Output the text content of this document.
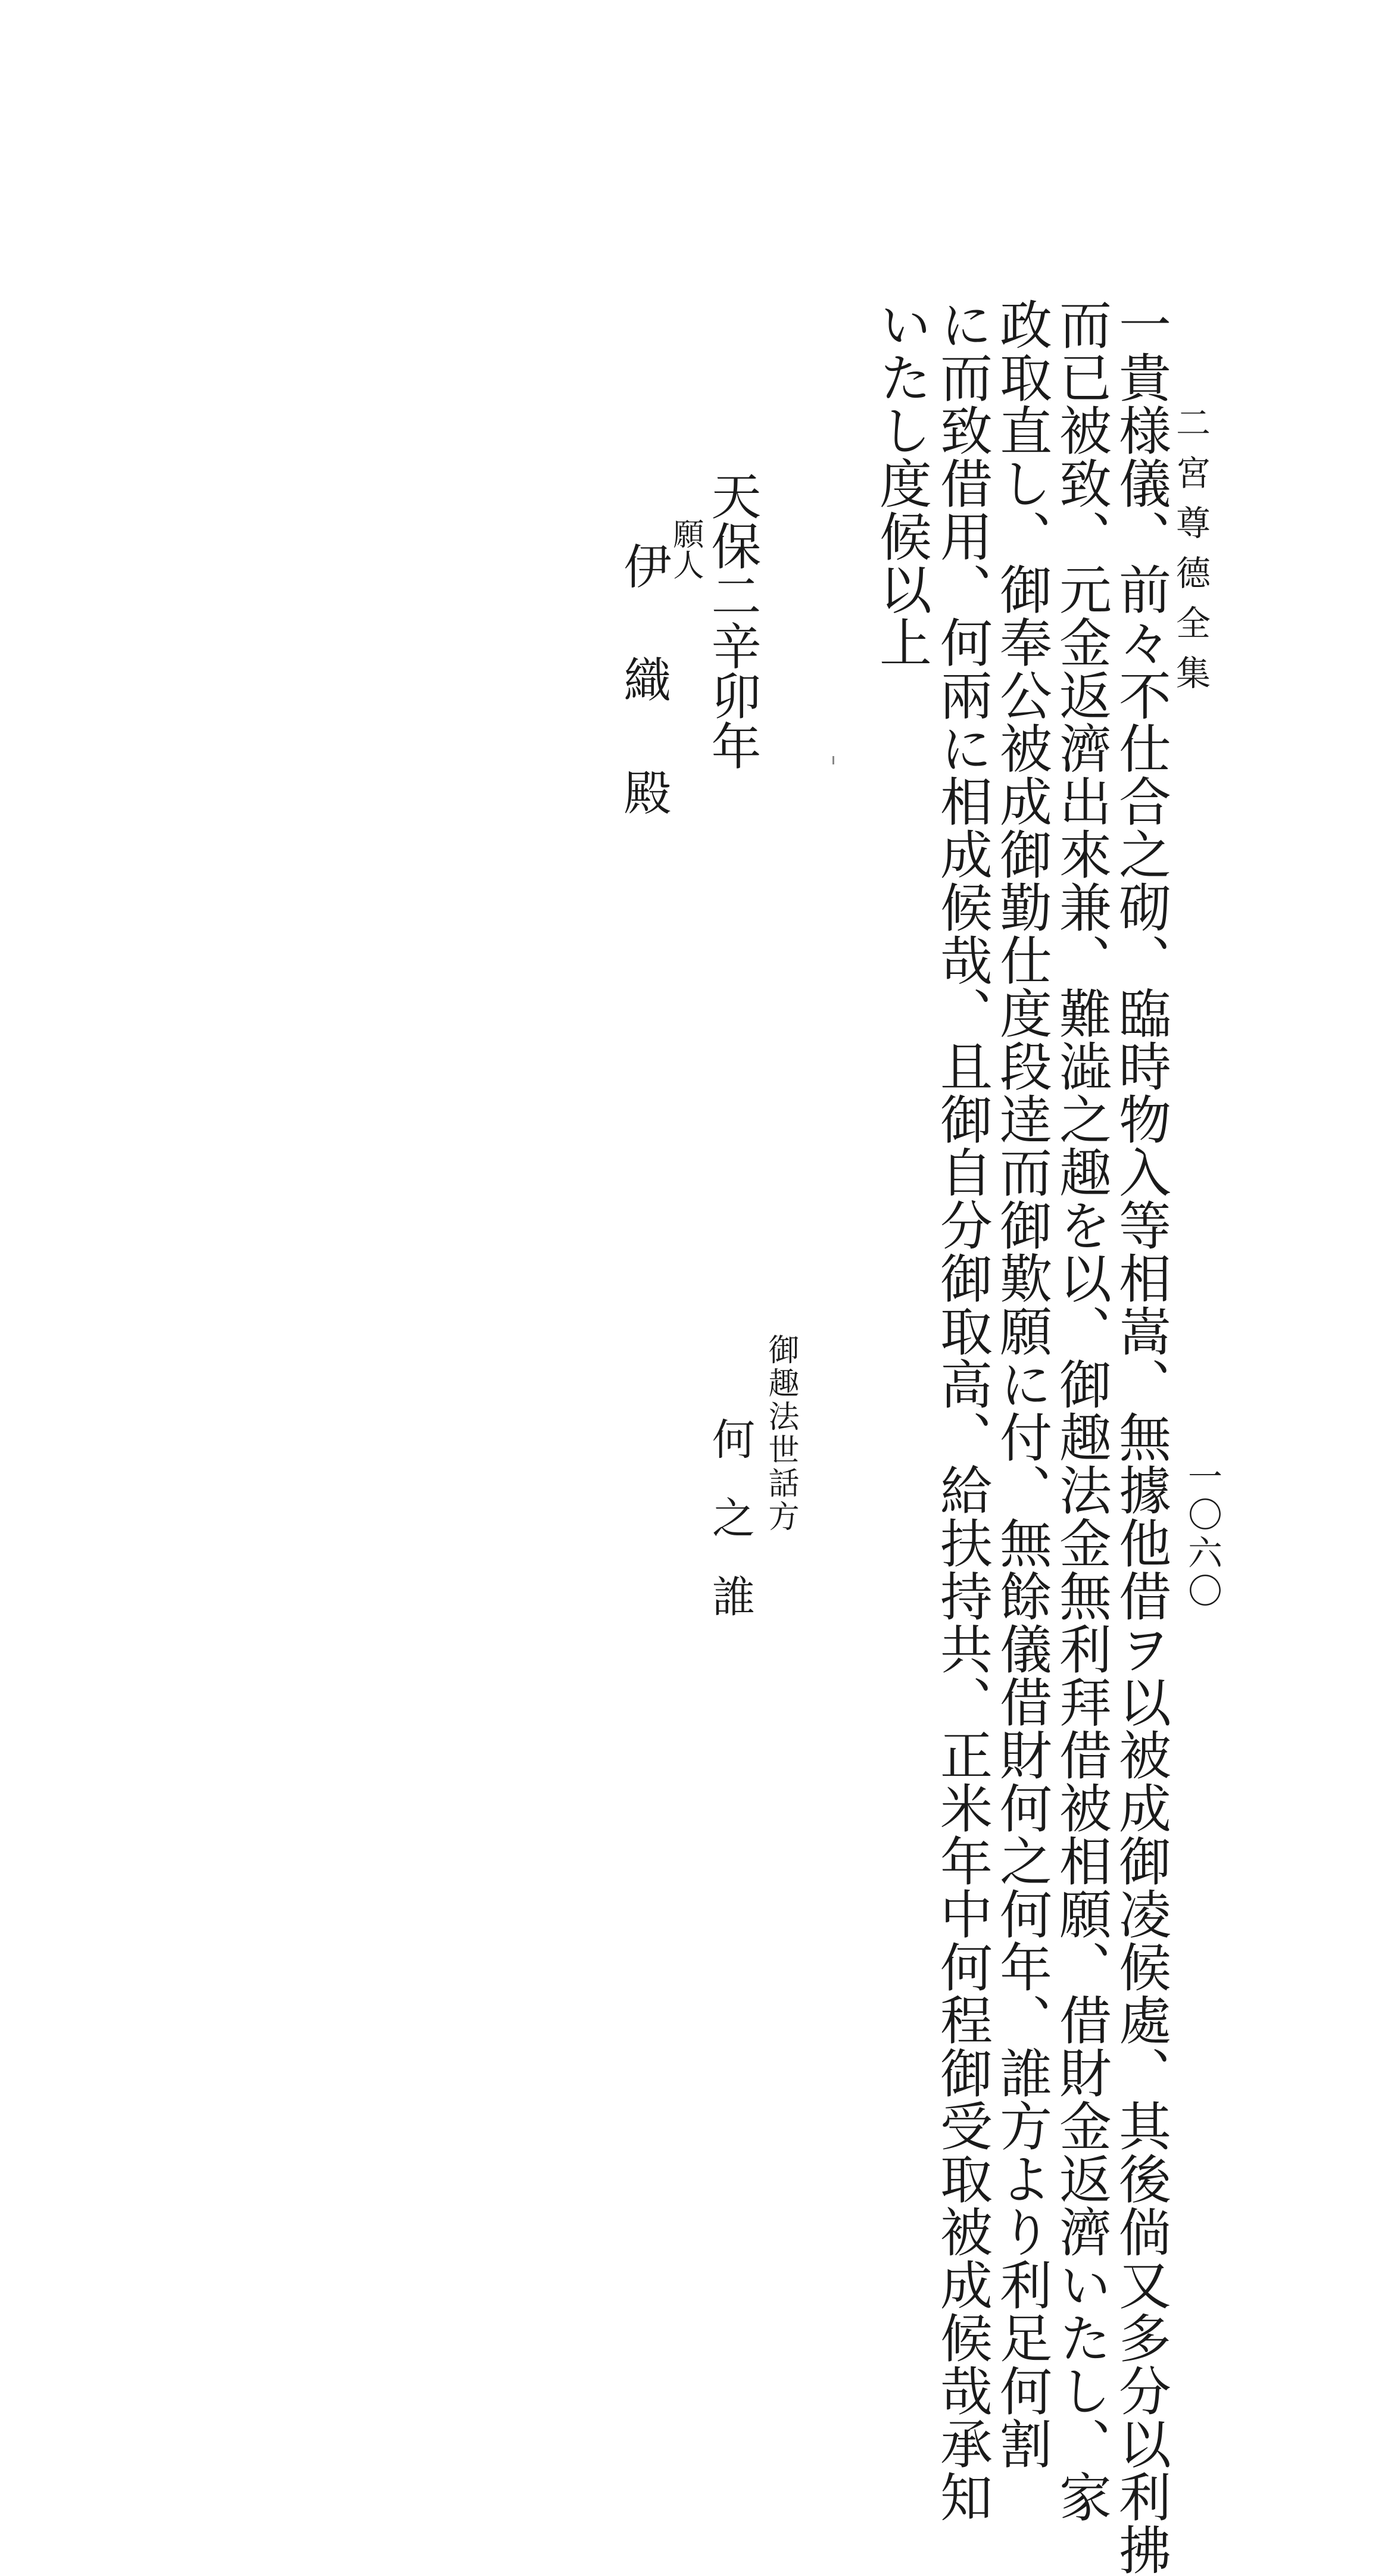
二宮尊德全集
一〇六〇
一貴様儀、前々不仕合之砌、臨時物入等相嵩、無據他借ヲ以被成御凌候處、其後倘又多分以利拂
而已被致、元金返濟出來兼、難澁之趣を以、御趣法金無利拜借被相願、借財金返濟いたし、家
政取直し、御奉公被成御勤仕度段逹而御歎願に付、無餘儀借財何之何年、誰方より利足何割
に而致借用、何兩に相成候哉、且御自分御取高、給扶持共、正米年中何程御受取被成候哉承知
いたし度候以上
御趣法世話方
何之誰
天保二辛卯年
願人
伊織殿
